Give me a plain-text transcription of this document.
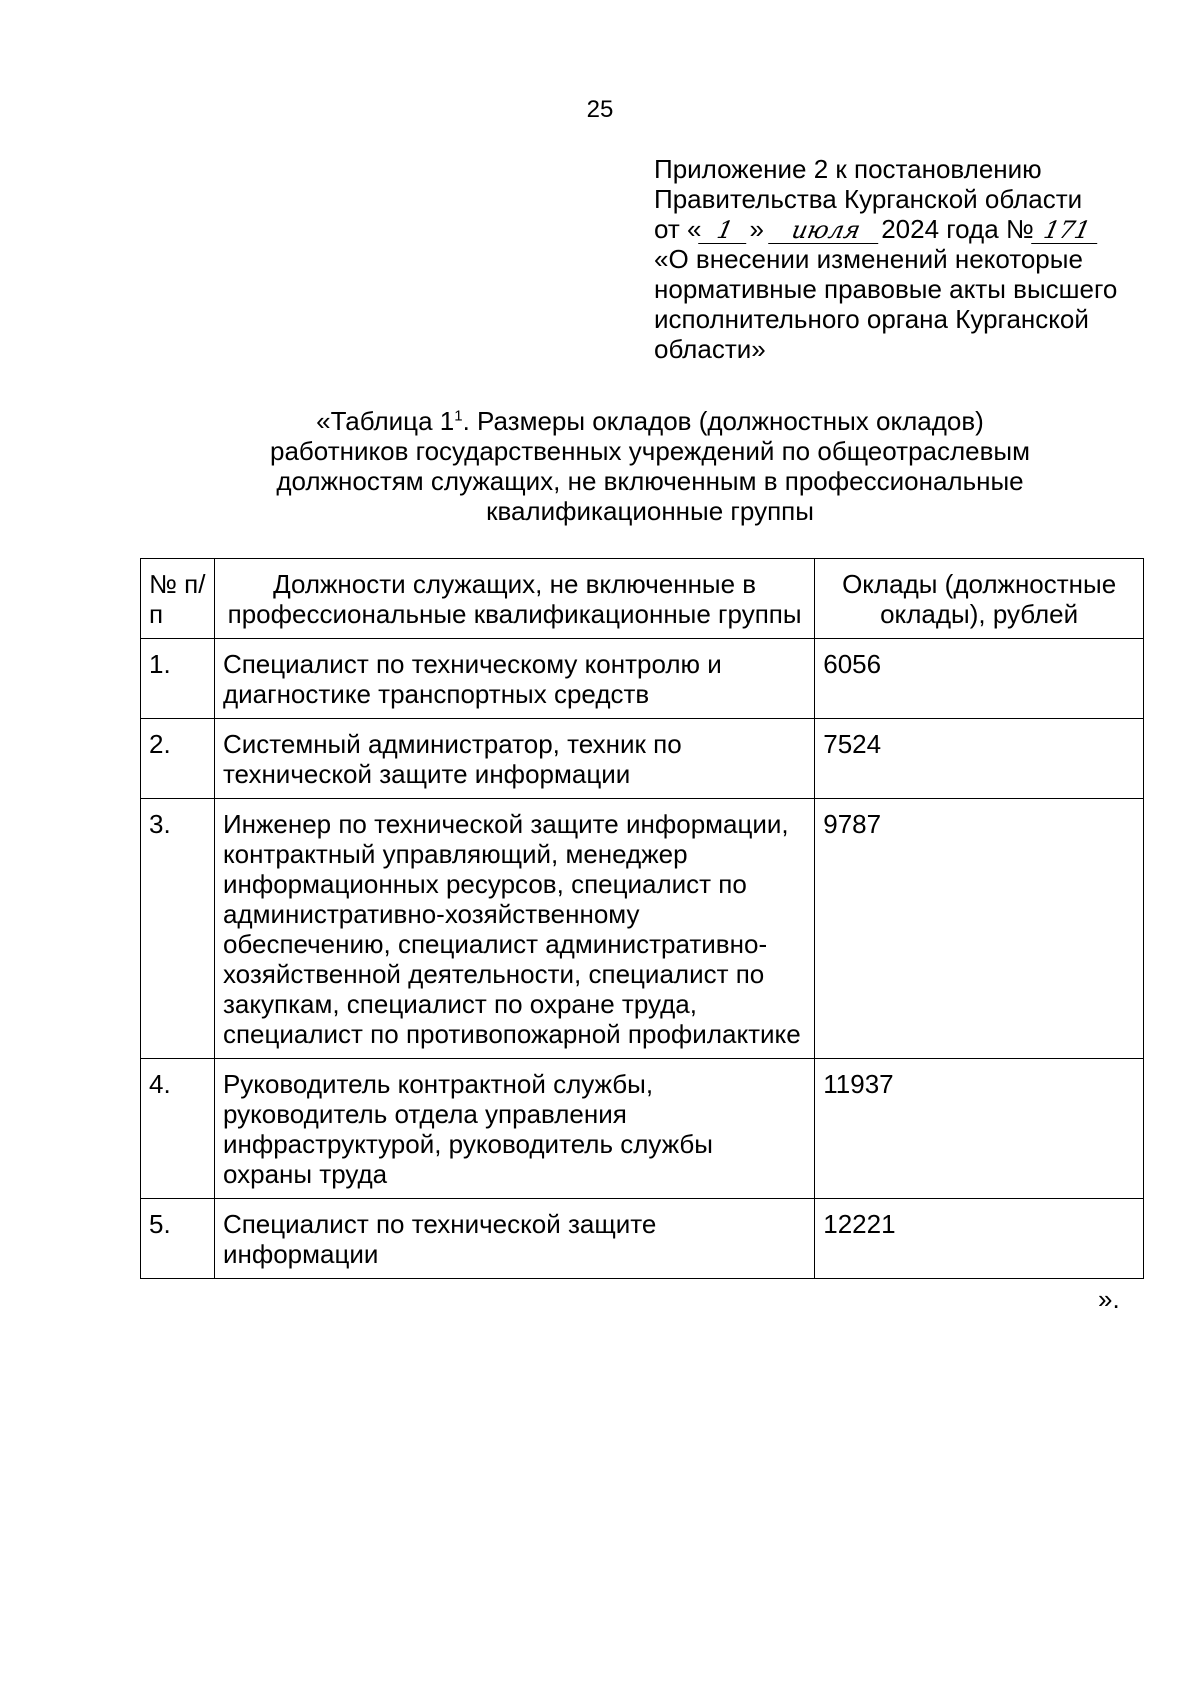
25
Приложение 2 к постановлению
Правительства Курганской области
от « 1 » июля 2024 года № 171
«О внесении изменений некоторые
нормативные правовые акты высшего
исполнительного органа Курганской
области»
«Таблица $1^1$. Размеры окладов (должностных окладов)
работников государственных учреждений по общеотраслевым
должностям служащих, не включенным в профессиональные
квалификационные группы
№ п/п	Должности служащих, не включенные в профессиональные квалификационные группы	Оклады (должностные оклады), рублей
1.	Специалист по техническому контролю и диагностике транспортных средств	6056
2.	Системный администратор, техник по технической защите информации	7524
3.	Инженер по технической защите информации, контрактный управляющий, менеджер информационных ресурсов, специалист по административно-хозяйственному обеспечению, специалист административно-хозяйственной деятельности, специалист по закупкам, специалист по охране труда, специалист по противопожарной профилактике	9787
4.	Руководитель контрактной службы, руководитель отдела управления инфраструктурой, руководитель службы охраны труда	11937
5.	Специалист по технической защите информации	12221
».
